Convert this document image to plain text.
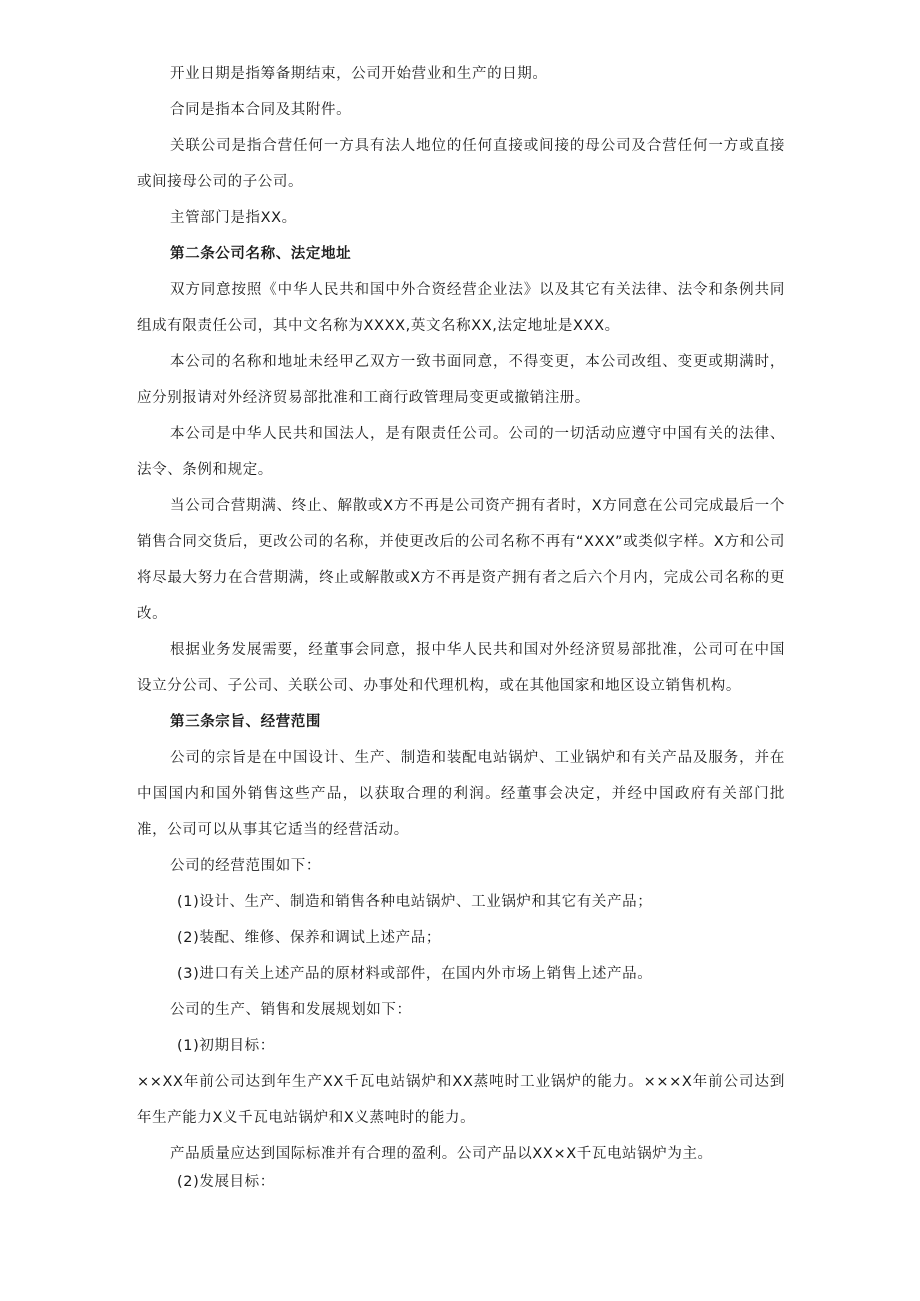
开业日期是指筹备期结束，公司开始营业和生产的日期。

合同是指本合同及其附件。

关联公司是指合营任何一方具有法人地位的任何直接或间接的母公司及合营任何一方或直接或间接母公司的子公司。

主管部门是指XX。

第二条公司名称、法定地址

双方同意按照《中华人民共和国中外合资经营企业法》以及其它有关法律、法令和条例共同组成有限责任公司，其中文名称为XXXX,英文名称XX,法定地址是XXX。

本公司的名称和地址未经甲乙双方一致书面同意，不得变更，本公司改组、变更或期满时，应分别报请对外经济贸易部批准和工商行政管理局变更或撤销注册。

本公司是中华人民共和国法人，是有限责任公司。公司的一切活动应遵守中国有关的法律、法令、条例和规定。

当公司合营期满、终止、解散或X方不再是公司资产拥有者时，X方同意在公司完成最后一个销售合同交货后，更改公司的名称，并使更改后的公司名称不再有“XXX”或类似字样。X方和公司将尽最大努力在合营期满，终止或解散或X方不再是资产拥有者之后六个月内，完成公司名称的更改。

根据业务发展需要，经董事会同意，报中华人民共和国对外经济贸易部批准，公司可在中国设立分公司、子公司、关联公司、办事处和代理机构，或在其他国家和地区设立销售机构。

第三条宗旨、经营范围

公司的宗旨是在中国设计、生产、制造和装配电站锅炉、工业锅炉和有关产品及服务，并在中国国内和国外销售这些产品，以获取合理的利润。经董事会决定，并经中国政府有关部门批准，公司可以从事其它适当的经营活动。

公司的经营范围如下：

(1)设计、生产、制造和销售各种电站锅炉、工业锅炉和其它有关产品；

(2)装配、维修、保养和调试上述产品；

(3)进口有关上述产品的原材料或部件，在国内外市场上销售上述产品。

公司的生产、销售和发展规划如下：

(1)初期目标：

××XX年前公司达到年生产XX千瓦电站锅炉和XX蒸吨时工业锅炉的能力。×××X年前公司达到年生产能力X义千瓦电站锅炉和X义蒸吨时的能力。

产品质量应达到国际标准并有合理的盈利。公司产品以XX×X千瓦电站锅炉为主。

(2)发展目标：
